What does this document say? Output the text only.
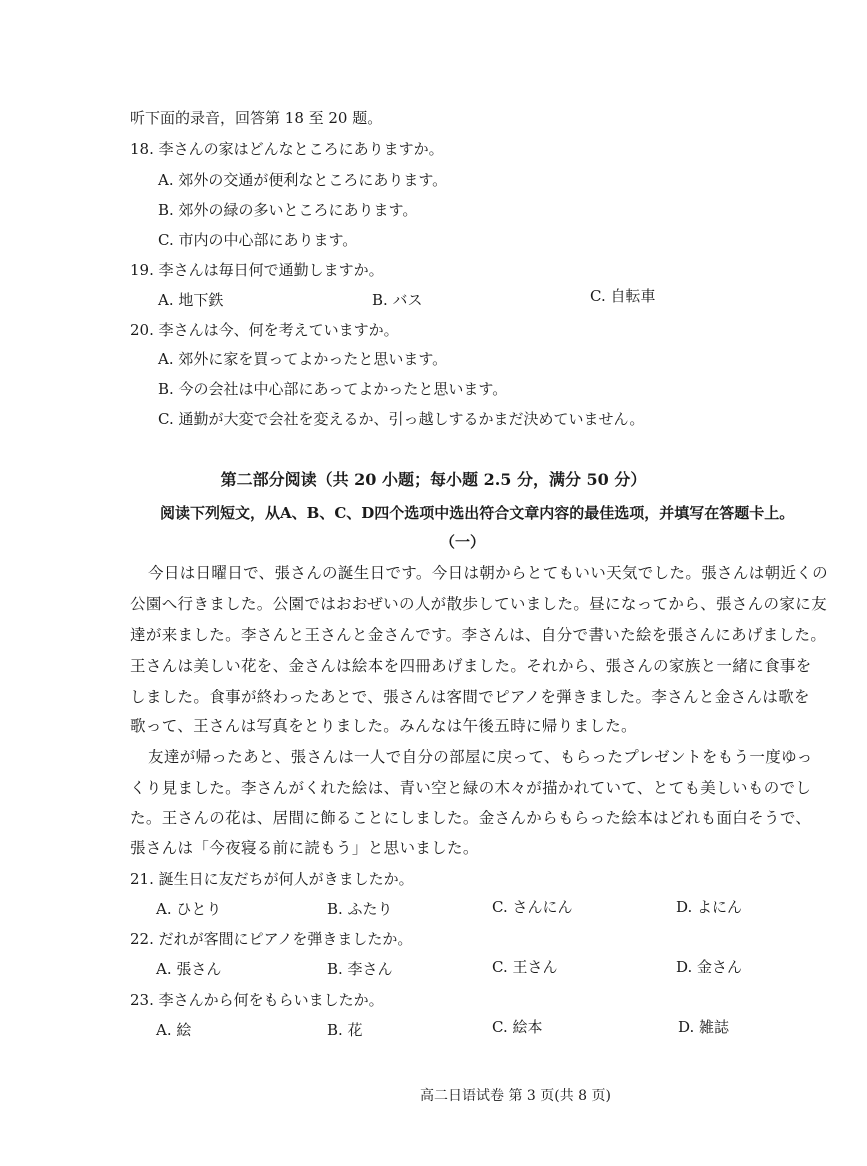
听下面的录音，回答第 18 至 20 题。
18. 李さんの家はどんなところにありますか。
A. 郊外の交通が便利なところにあります。
B. 郊外の緑の多いところにあります。
C. 市内の中心部にあります。
19. 李さんは毎日何で通勤しますか。
A. 地下鉄	B. バス	C. 自転車
20. 李さんは今、何を考えていますか。
A. 郊外に家を買ってよかったと思います。
B. 今の会社は中心部にあってよかったと思います。
C. 通勤が大変で会社を変えるか、引っ越しするかまだ決めていません。
第二部分阅读（共 20 小题；每小题 2.5 分，满分 50 分）
阅读下列短文，从A、B、C、D四个选项中选出符合文章内容的最佳选项，并填写在答题卡上。
（一）
今日は日曜日で、張さんの誕生日です。今日は朝からとてもいい天気でした。張さんは朝近くの
公園へ行きました。公園ではおおぜいの人が散歩していました。昼になってから、張さんの家に友
達が来ました。李さんと王さんと金さんです。李さんは、自分で書いた絵を張さんにあげました。
王さんは美しい花を、金さんは絵本を四冊あげました。それから、張さんの家族と一緒に食事を
しました。食事が終わったあとで、張さんは客間でピアノを弾きました。李さんと金さんは歌を
歌って、王さんは写真をとりました。みんなは午後五時に帰りました。
友達が帰ったあと、張さんは一人で自分の部屋に戻って、もらったプレゼントをもう一度ゆっ
くり見ました。李さんがくれた絵は、青い空と緑の木々が描かれていて、とても美しいものでし
た。王さんの花は、居間に飾ることにしました。金さんからもらった絵本はどれも面白そうで、
張さんは「今夜寝る前に読もう」と思いました。
21. 誕生日に友だちが何人がきましたか。
A. ひとり	B. ふたり	C. さんにん	D. よにん
22. だれが客間にピアノを弾きましたか。
A. 張さん	B. 李さん	C. 王さん	D. 金さん
23. 李さんから何をもらいましたか。
A. 絵	B. 花	C. 絵本	D. 雑誌
高二日语试卷 第 3 页(共 8 页)
